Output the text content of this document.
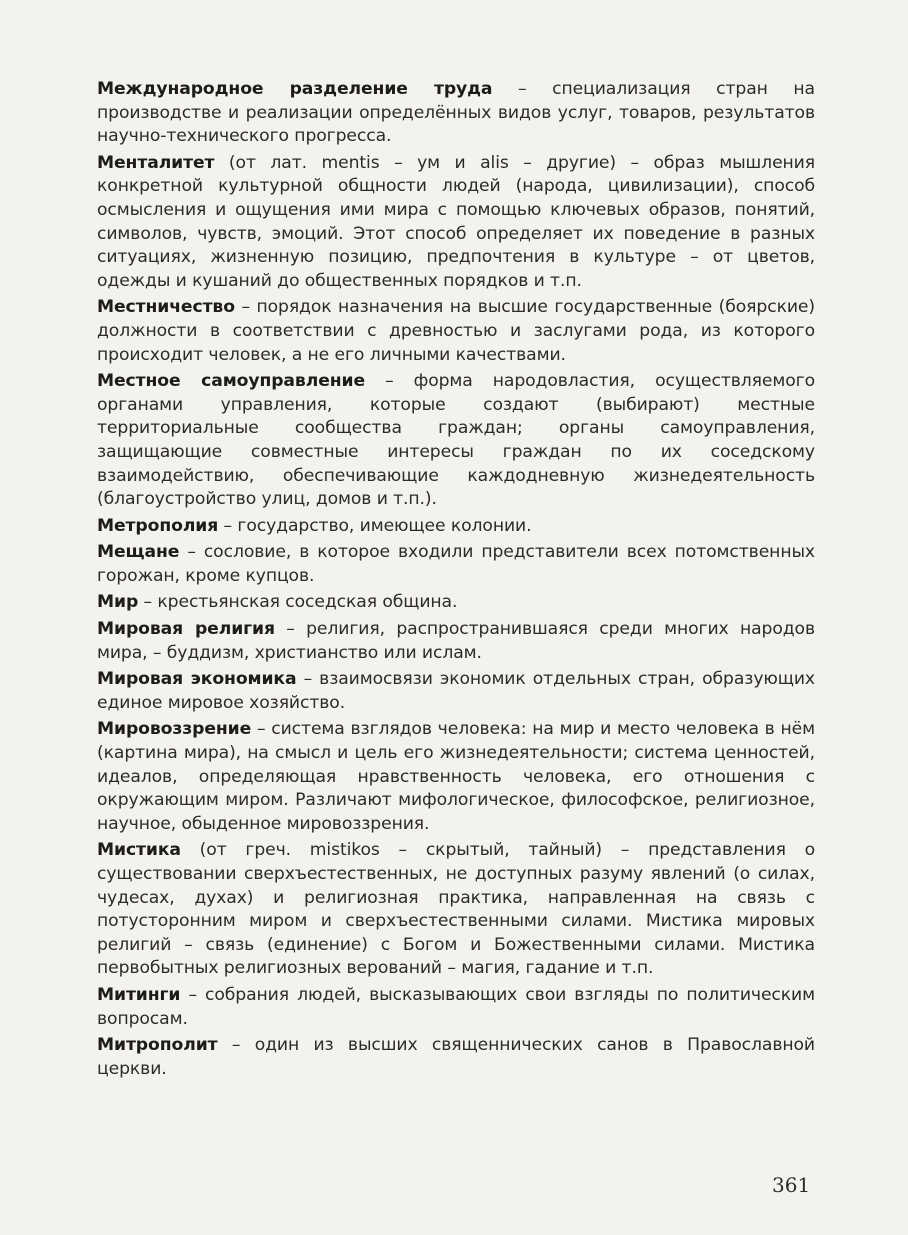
Международное разделение труда – специализация стран на производстве и реализации определённых видов услуг, товаров, результатов научно-технического прогресса.

Менталитет (от лат. mentis – ум и alis – другие) – образ мышления конкретной культурной общности людей (народа, цивилизации), способ осмысления и ощущения ими мира с помощью ключевых образов, понятий, символов, чувств, эмоций. Этот способ определяет их поведение в разных ситуациях, жизненную позицию, предпочтения в культуре – от цветов, одежды и кушаний до общественных порядков и т.п.

Местничество – порядок назначения на высшие государственные (боярские) должности в соответствии с древностью и заслугами рода, из которого происходит человек, а не его личными качествами.

Местное самоуправление – форма народовластия, осуществляемого органами управления, которые создают (выбирают) местные территориальные сообщества граждан; органы самоуправления, защищающие совместные интересы граждан по их соседскому взаимодействию, обеспечивающие каждодневную жизнедеятельность (благоустройство улиц, домов и т.п.).

Метрополия – государство, имеющее колонии.

Мещане – сословие, в которое входили представители всех потомственных горожан, кроме купцов.

Мир – крестьянская соседская община.

Мировая религия – религия, распространившаяся среди многих народов мира, – буддизм, христианство или ислам.

Мировая экономика – взаимосвязи экономик отдельных стран, образующих единое мировое хозяйство.

Мировоззрение – система взглядов человека: на мир и место человека в нём (картина мира), на смысл и цель его жизнедеятельности; система ценностей, идеалов, определяющая нравственность человека, его отношения с окружающим миром. Различают мифологическое, философское, религиозное, научное, обыденное мировоззрения.

Мистика (от греч. mistikos – скрытый, тайный) – представления о существовании сверхъестественных, не доступных разуму явлений (о силах, чудесах, духах) и религиозная практика, направленная на связь с потусторонним миром и сверхъестественными силами. Мистика мировых религий – связь (единение) с Богом и Божественными силами. Мистика первобытных религиозных верований – магия, гадание и т.п.

Митинги – собрания людей, высказывающих свои взгляды по политическим вопросам.

Митрополит – один из высших священнических санов в Православной церкви.

361
